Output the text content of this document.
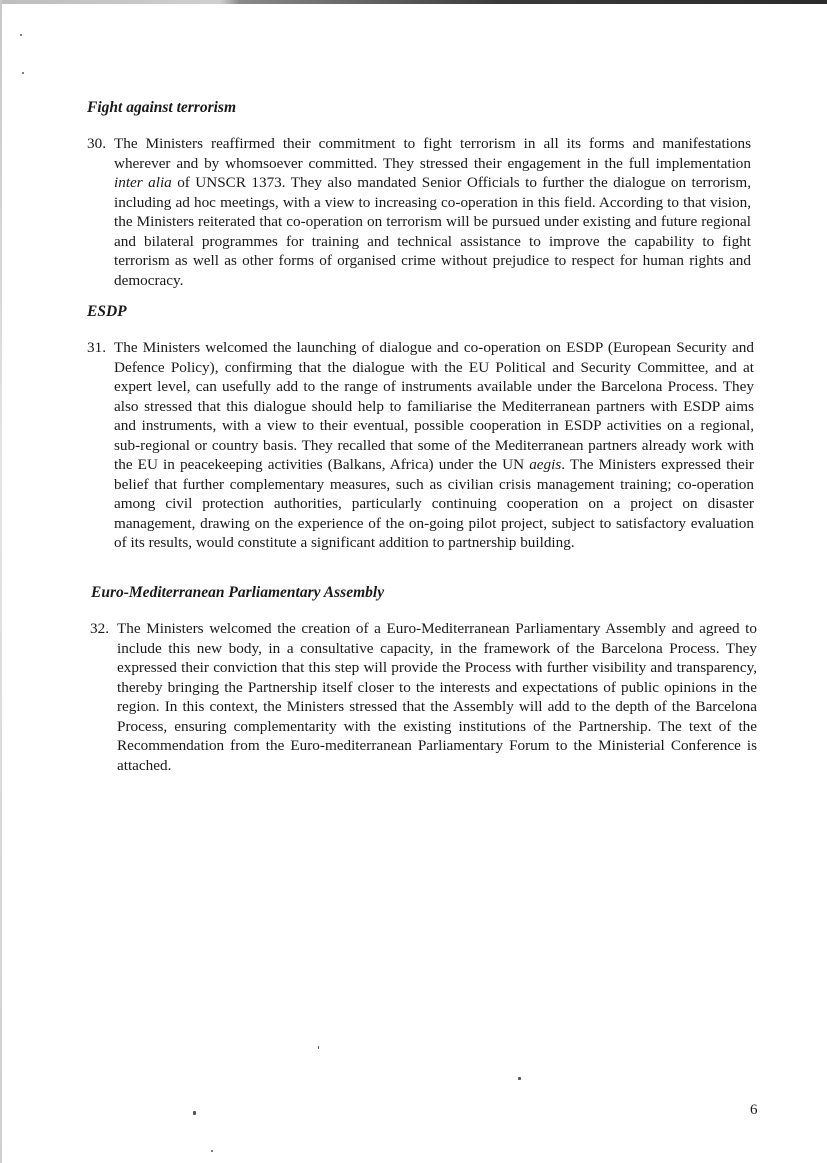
Fight against terrorism
30. The Ministers reaffirmed their commitment to fight terrorism in all its forms and manifestations wherever and by whomsoever committed. They stressed their engagement in the full implementation inter alia of UNSCR 1373. They also mandated Senior Officials to further the dialogue on terrorism, including ad hoc meetings, with a view to increasing co-operation in this field. According to that vision, the Ministers reiterated that co-operation on terrorism will be pursued under existing and future regional and bilateral programmes for training and technical assistance to improve the capability to fight terrorism as well as other forms of organised crime without prejudice to respect for human rights and democracy.
ESDP
31. The Ministers welcomed the launching of dialogue and co-operation on ESDP (European Security and Defence Policy), confirming that the dialogue with the EU Political and Security Committee, and at expert level, can usefully add to the range of instruments available under the Barcelona Process. They also stressed that this dialogue should help to familiarise the Mediterranean partners with ESDP aims and instruments, with a view to their eventual, possible cooperation in ESDP activities on a regional, sub-regional or country basis. They recalled that some of the Mediterranean partners already work with the EU in peacekeeping activities (Balkans, Africa) under the UN aegis. The Ministers expressed their belief that further complementary measures, such as civilian crisis management training; co-operation among civil protection authorities, particularly continuing cooperation on a project on disaster management, drawing on the experience of the on-going pilot project, subject to satisfactory evaluation of its results, would constitute a significant addition to partnership building.
Euro-Mediterranean Parliamentary Assembly
32. The Ministers welcomed the creation of a Euro-Mediterranean Parliamentary Assembly and agreed to include this new body, in a consultative capacity, in the framework of the Barcelona Process. They expressed their conviction that this step will provide the Process with further visibility and transparency, thereby bringing the Partnership itself closer to the interests and expectations of public opinions in the region. In this context, the Ministers stressed that the Assembly will add to the depth of the Barcelona Process, ensuring complementarity with the existing institutions of the Partnership. The text of the Recommendation from the Euro-mediterranean Parliamentary Forum to the Ministerial Conference is attached.
6
